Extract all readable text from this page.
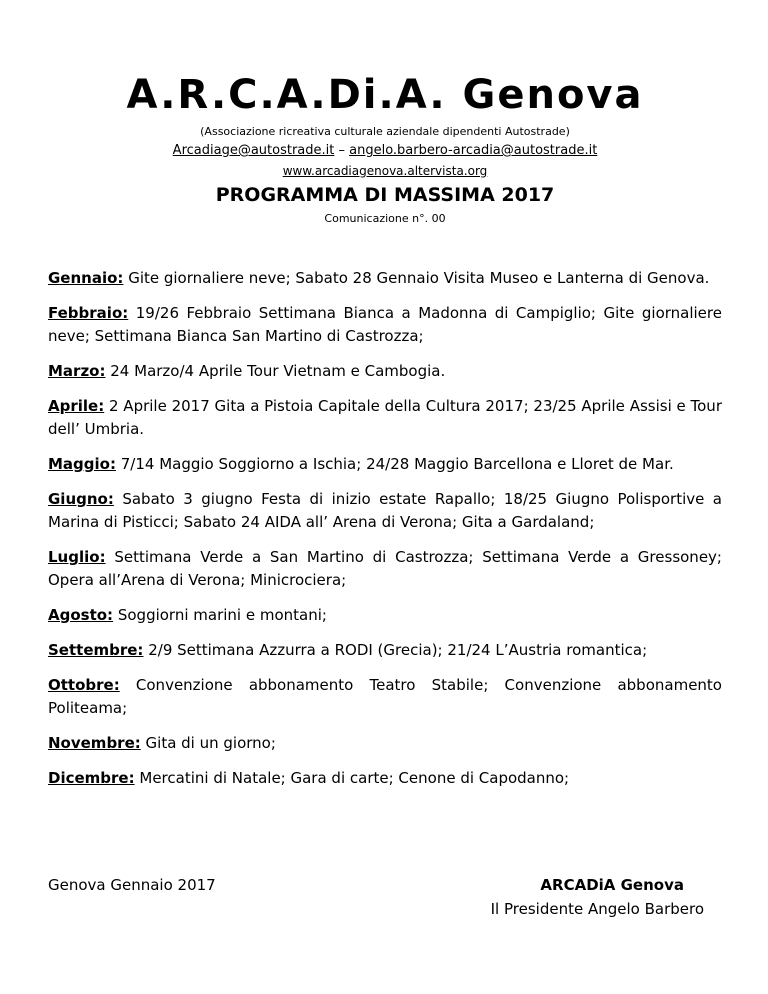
A.R.C.A.Di.A. Genova
(Associazione ricreativa culturale aziendale dipendenti Autostrade)
Arcadiage@autostrade.it – angelo.barbero-arcadia@autostrade.it
www.arcadiagenova.altervista.org
PROGRAMMA DI MASSIMA 2017
Comunicazione n°. 00

Gennaio: Gite giornaliere neve; Sabato 28 Gennaio Visita Museo e Lanterna di Genova.

Febbraio: 19/26 Febbraio Settimana Bianca a Madonna di Campiglio; Gite giornaliere neve; Settimana Bianca San Martino di Castrozza;

Marzo: 24 Marzo/4 Aprile Tour Vietnam e Cambogia.

Aprile: 2 Aprile 2017 Gita a Pistoia Capitale della Cultura 2017; 23/25 Aprile Assisi e Tour dell’ Umbria.

Maggio: 7/14 Maggio Soggiorno a Ischia; 24/28 Maggio Barcellona e Lloret de Mar.

Giugno: Sabato 3 giugno Festa di inizio estate Rapallo; 18/25 Giugno Polisportive a Marina di Pisticci; Sabato 24 AIDA all’ Arena di Verona; Gita a Gardaland;

Luglio: Settimana Verde a San Martino di Castrozza; Settimana Verde a Gressoney; Opera all’Arena di Verona; Minicrociera;

Agosto: Soggiorni marini e montani;

Settembre: 2/9 Settimana Azzurra a RODI (Grecia); 21/24 L’Austria romantica;

Ottobre: Convenzione abbonamento Teatro Stabile; Convenzione abbonamento Politeama;

Novembre: Gita di un giorno;

Dicembre: Mercatini di Natale; Gara di carte; Cenone di Capodanno;

Genova Gennaio 2017	ARCADiA Genova
Il Presidente Angelo Barbero
